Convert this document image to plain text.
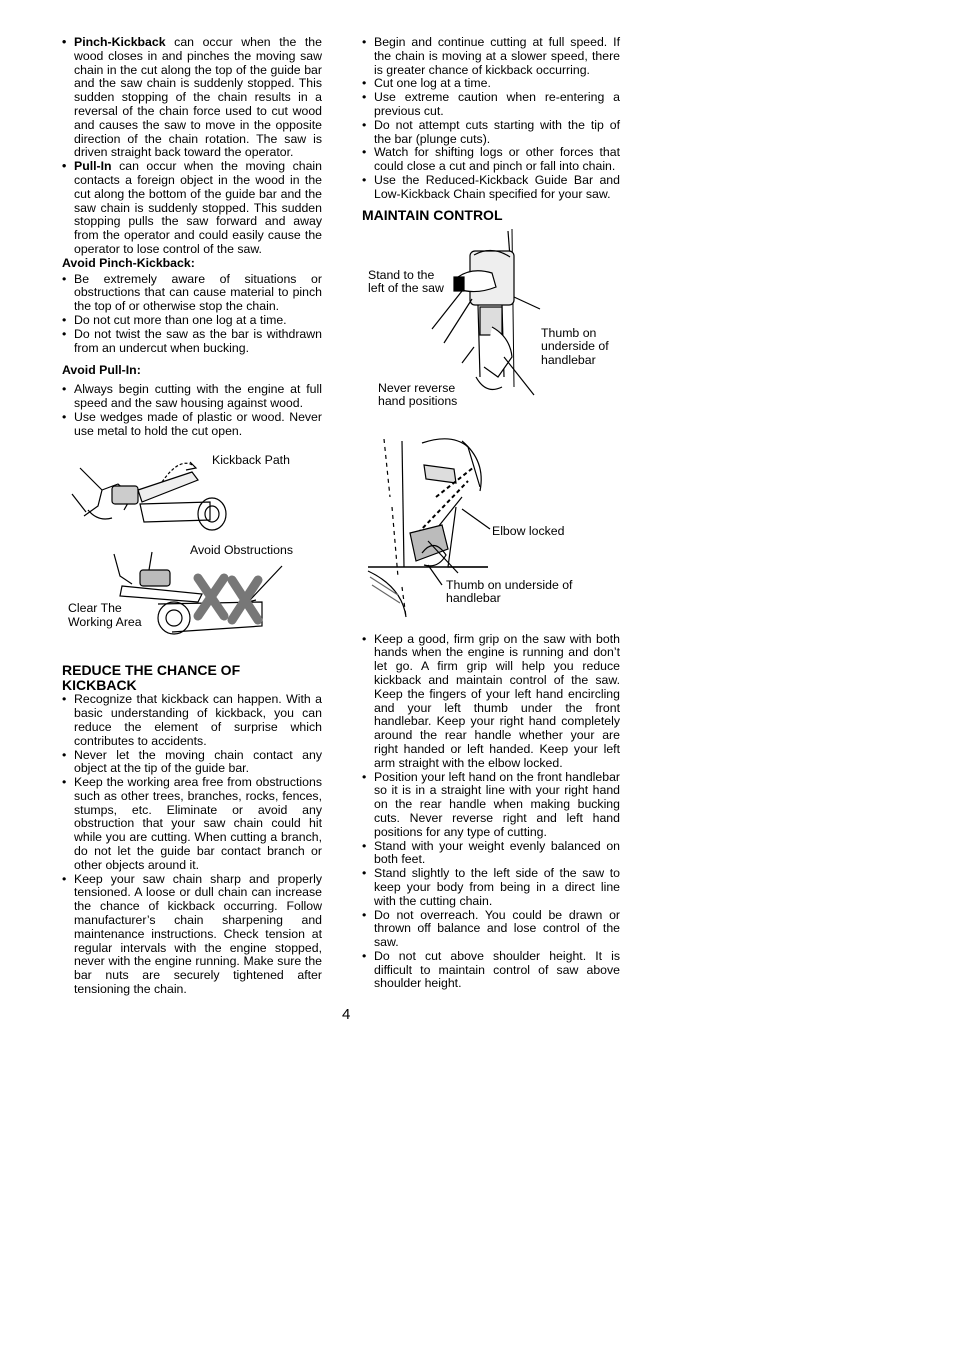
• Pinch-Kickback can occur when the the wood closes in and pinches the moving saw chain in the cut along the top of the guide bar and the saw chain is suddenly stopped. This sudden stopping of the chain results in a reversal of the chain force used to cut wood and causes the saw to move in the opposite direction of the chain rotation. The saw is driven straight back toward the operator.
• Pull-In can occur when the moving chain contacts a foreign object in the wood in the cut along the bottom of the guide bar and the saw chain is suddenly stopped. This sudden stopping pulls the saw forward and away from the operator and could easily cause the operator to lose control of the saw.
Avoid Pinch-Kickback:
• Be extremely aware of situations or obstructions that can cause material to pinch the top of or otherwise stop the chain.
• Do not cut more than one log at a time.
• Do not twist the saw as the bar is withdrawn from an undercut when bucking.
Avoid Pull-In:
• Always begin cutting with the engine at full speed and the saw housing against wood.
• Use wedges made of plastic or wood. Never use metal to hold the cut open.
Kickback Path
Avoid Obstructions
Clear The
Working Area
REDUCE THE CHANCE OF
KICKBACK
• Recognize that kickback can happen. With a basic understanding of kickback, you can reduce the element of surprise which contributes to accidents.
• Never let the moving chain contact any object at the tip of the guide bar.
• Keep the working area free from obstructions such as other trees, branches, rocks, fences, stumps, etc. Eliminate or avoid any obstruction that your saw chain could hit while you are cutting. When cutting a branch, do not let the guide bar contact branch or other objects around it.
• Keep your saw chain sharp and properly tensioned. A loose or dull chain can increase the chance of kickback occurring. Follow manufacturer’s chain sharpening and maintenance instructions. Check tension at regular intervals with the engine stopped, never with the engine running. Make sure the bar nuts are securely tightened after tensioning the chain.
• Begin and continue cutting at full speed. If the chain is moving at a slower speed, there is greater chance of kickback occurring.
• Cut one log at a time.
• Use extreme caution when re-entering a previous cut.
• Do not attempt cuts starting with the tip of the bar (plunge cuts).
• Watch for shifting logs or other forces that could close a cut and pinch or fall into chain.
• Use the Reduced-Kickback Guide Bar and Low-Kickback Chain specified for your saw.
MAINTAIN CONTROL
Stand to the
left of the saw
Thumb on
underside of
handlebar
Never reverse
hand positions
Elbow locked
Thumb on underside of
handlebar
• Keep a good, firm grip on the saw with both hands when the engine is running and don’t let go. A firm grip will help you reduce kickback and maintain control of the saw. Keep the fingers of your left hand encircling and your left thumb under the front handlebar. Keep your right hand completely around the rear handle whether your are right handed or left handed. Keep your left arm straight with the elbow locked.
• Position your left hand on the front handlebar so it is in a straight line with your right hand on the rear handle when making bucking cuts. Never reverse right and left hand positions for any type of cutting.
• Stand with your weight evenly balanced on both feet.
• Stand slightly to the left side of the saw to keep your body from being in a direct line with the cutting chain.
• Do not overreach. You could be drawn or thrown off balance and lose control of the saw.
• Do not cut above shoulder height. It is difficult to maintain control of saw above shoulder height.
4
